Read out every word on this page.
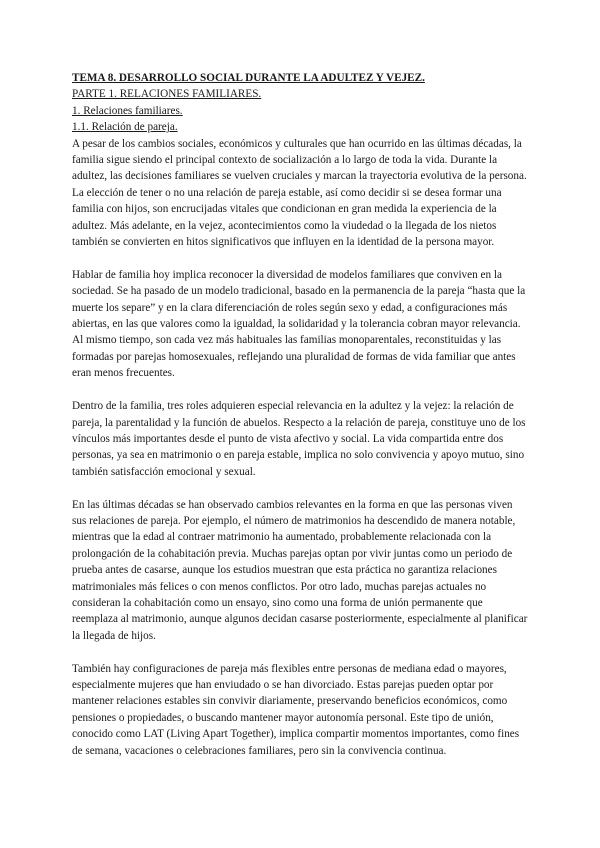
TEMA 8. DESARROLLO SOCIAL DURANTE LA ADULTEZ Y VEJEZ.
PARTE 1. RELACIONES FAMILIARES.
1. Relaciones familiares.
1.1. Relación de pareja.

A pesar de los cambios sociales, económicos y culturales que han ocurrido en las últimas décadas, la familia sigue siendo el principal contexto de socialización a lo largo de toda la vida. Durante la adultez, las decisiones familiares se vuelven cruciales y marcan la trayectoria evolutiva de la persona. La elección de tener o no una relación de pareja estable, así como decidir si se desea formar una familia con hijos, son encrucijadas vitales que condicionan en gran medida la experiencia de la adultez. Más adelante, en la vejez, acontecimientos como la viudedad o la llegada de los nietos también se convierten en hitos significativos que influyen en la identidad de la persona mayor.

Hablar de familia hoy implica reconocer la diversidad de modelos familiares que conviven en la sociedad. Se ha pasado de un modelo tradicional, basado en la permanencia de la pareja “hasta que la muerte los separe” y en la clara diferenciación de roles según sexo y edad, a configuraciones más abiertas, en las que valores como la igualdad, la solidaridad y la tolerancia cobran mayor relevancia. Al mismo tiempo, son cada vez más habituales las familias monoparentales, reconstituidas y las formadas por parejas homosexuales, reflejando una pluralidad de formas de vida familiar que antes eran menos frecuentes.

Dentro de la familia, tres roles adquieren especial relevancia en la adultez y la vejez: la relación de pareja, la parentalidad y la función de abuelos. Respecto a la relación de pareja, constituye uno de los vínculos más importantes desde el punto de vista afectivo y social. La vida compartida entre dos personas, ya sea en matrimonio o en pareja estable, implica no solo convivencia y apoyo mutuo, sino también satisfacción emocional y sexual.

En las últimas décadas se han observado cambios relevantes en la forma en que las personas viven sus relaciones de pareja. Por ejemplo, el número de matrimonios ha descendido de manera notable, mientras que la edad al contraer matrimonio ha aumentado, probablemente relacionada con la prolongación de la cohabitación previa. Muchas parejas optan por vivir juntas como un periodo de prueba antes de casarse, aunque los estudios muestran que esta práctica no garantiza relaciones matrimoniales más felices o con menos conflictos. Por otro lado, muchas parejas actuales no consideran la cohabitación como un ensayo, sino como una forma de unión permanente que reemplaza al matrimonio, aunque algunos decidan casarse posteriormente, especialmente al planificar la llegada de hijos.

También hay configuraciones de pareja más flexibles entre personas de mediana edad o mayores, especialmente mujeres que han enviudado o se han divorciado. Estas parejas pueden optar por mantener relaciones estables sin convivir diariamente, preservando beneficios económicos, como pensiones o propiedades, o buscando mantener mayor autonomía personal. Este tipo de unión, conocido como LAT (Living Apart Together), implica compartir momentos importantes, como fines de semana, vacaciones o celebraciones familiares, pero sin la convivencia continua.
